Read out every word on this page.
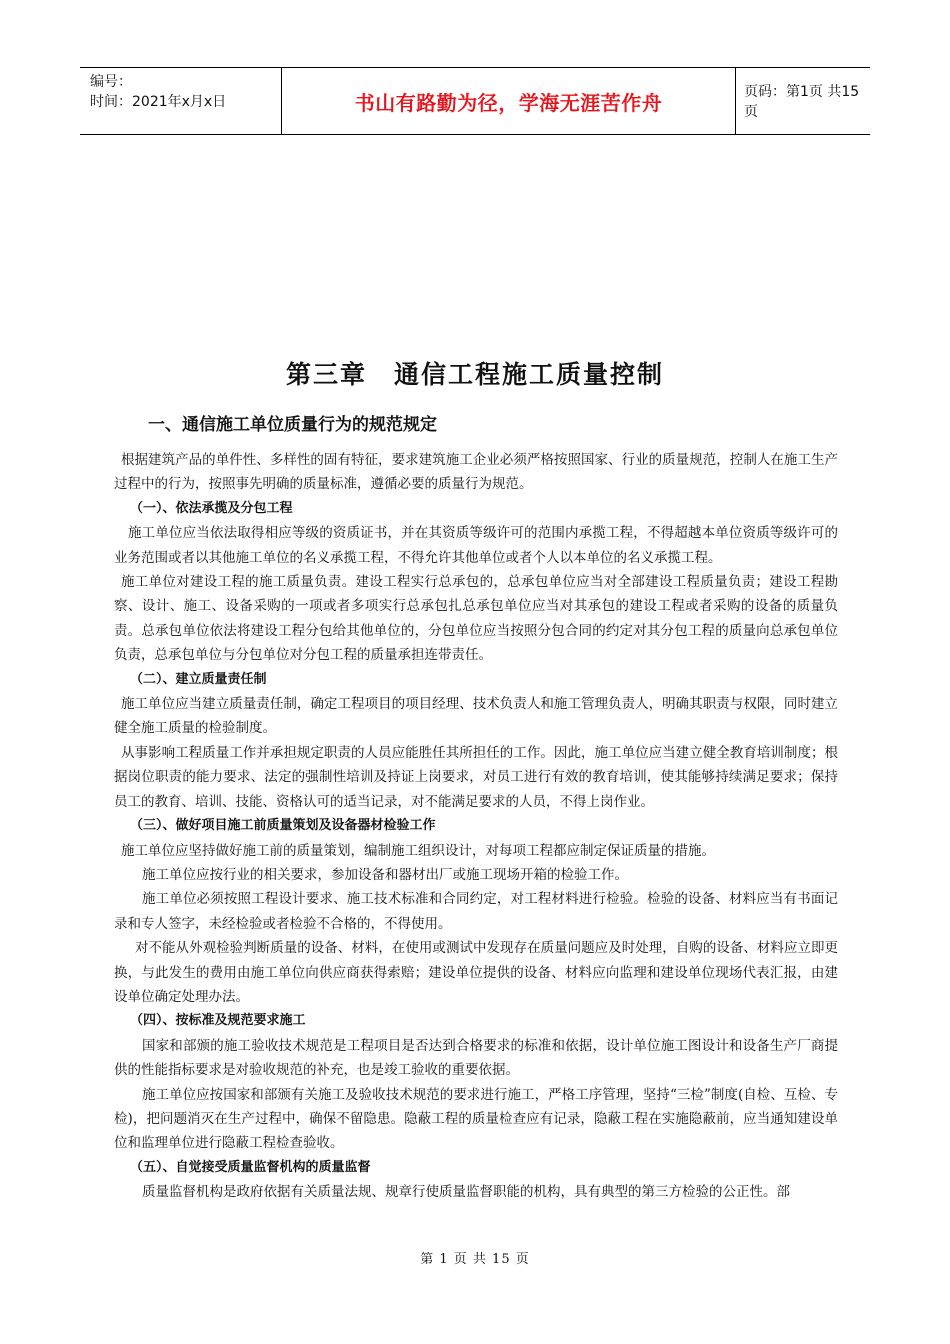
编号：
时间：2021年x月x日	书山有路勤为径，学海无涯苦作舟	页码：第1页 共15页
第三章　通信工程施工质量控制
一、通信施工单位质量行为的规范规定

根据建筑产品的单件性、多样性的固有特征，要求建筑施工企业必须严格按照国家、行业的质量规范，控制人在施工生产过程中的行为，按照事先明确的质量标准，遵循必要的质量行为规范。

（一）、依法承揽及分包工程

施工单位应当依法取得相应等级的资质证书，并在其资质等级许可的范围内承揽工程，不得超越本单位资质等级许可的业务范围或者以其他施工单位的名义承揽工程，不得允许其他单位或者个人以本单位的名义承揽工程。

施工单位对建设工程的施工质量负责。建设工程实行总承包的，总承包单位应当对全部建设工程质量负责；建设工程勘察、设计、施工、设备采购的一项或者多项实行总承包扎总承包单位应当对其承包的建设工程或者采购的设备的质量负责。总承包单位依法将建设工程分包给其他单位的，分包单位应当按照分包合同的约定对其分包工程的质量向总承包单位负责，总承包单位与分包单位对分包工程的质量承担连带责任。

（二）、建立质量责任制

施工单位应当建立质量责任制，确定工程项目的项目经理、技术负责人和施工管理负责人，明确其职责与权限，同时建立健全施工质量的检验制度。

从事影响工程质量工作并承担规定职责的人员应能胜任其所担任的工作。因此，施工单位应当建立健全教育培训制度；根据岗位职责的能力要求、法定的强制性培训及持证上岗要求，对员工进行有效的教育培训，使其能够持续满足要求；保持员工的教育、培训、技能、资格认可的适当记录，对不能满足要求的人员，不得上岗作业。

（三）、做好项目施工前质量策划及设备器材检验工作

施工单位应坚持做好施工前的质量策划，编制施工组织设计，对每项工程都应制定保证质量的措施。

施工单位应按行业的相关要求，参加设备和器材出厂或施工现场开箱的检验工作。

施工单位必须按照工程设计要求、施工技术标准和合同约定，对工程材料进行检验。检验的设备、材料应当有书面记录和专人签字，未经检验或者检验不合格的，不得使用。

对不能从外观检验判断质量的设备、材料，在使用或测试中发现存在质量问题应及时处理，自购的设备、材料应立即更换，与此发生的费用由施工单位向供应商获得索赔；建设单位提供的设备、材料应向监理和建设单位现场代表汇报，由建设单位确定处理办法。

（四）、按标准及规范要求施工

国家和部颁的施工验收技术规范是工程项目是否达到合格要求的标准和依据，设计单位施工图设计和设备生产厂商提供的性能指标要求是对验收规范的补充，也是竣工验收的重要依据。

施工单位应按国家和部颁有关施工及验收技术规范的要求进行施工，严格工序管理，坚持“三检”制度(自检、互检、专检)，把问题消灭在生产过程中，确保不留隐患。隐蔽工程的质量检查应有记录，隐蔽工程在实施隐蔽前，应当通知建设单位和监理单位进行隐蔽工程检查验收。

（五）、自觉接受质量监督机构的质量监督

质量监督机构是政府依据有关质量法规、规章行使质量监督职能的机构，具有典型的第三方检验的公正性。部

第 1 页 共 15 页
